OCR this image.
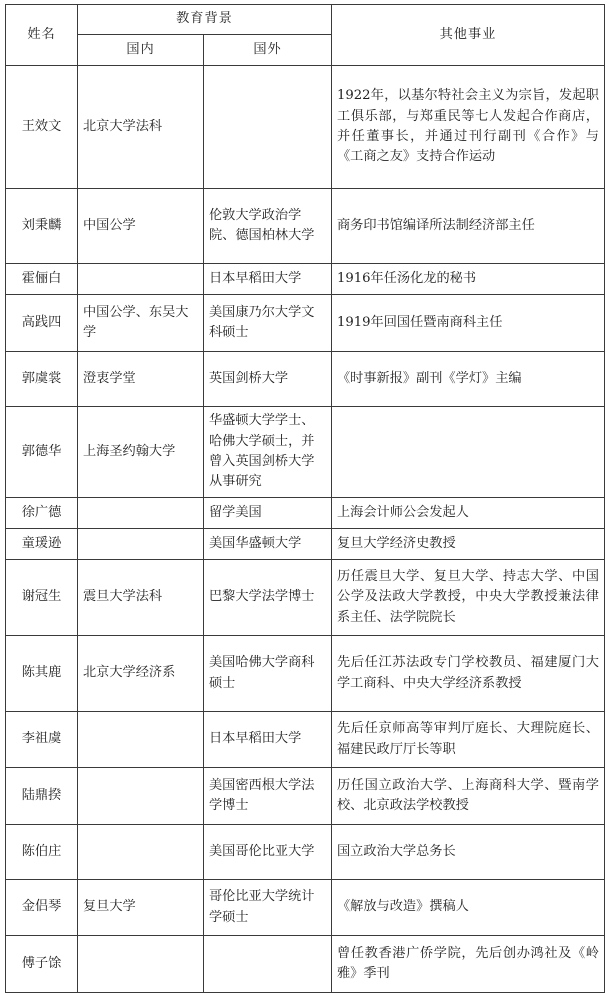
姓名	教育背景		其他事业
	国内	国外	
王效文	北京大学法科		1922年，以基尔特社会主义为宗旨，发起职工俱乐部，与郑重民等七人发起合作商店，并任董事长，并通过刊行副刊《合作》与《工商之友》支持合作运动
刘秉麟	中国公学	伦敦大学政治学院、德国柏林大学	商务印书馆编译所法制经济部主任
霍俪白		日本早稻田大学	1916年任汤化龙的秘书
高践四	中国公学、东吴大学	美国康乃尔大学文科硕士	1919年回国任暨南商科主任
郭虞裳	澄衷学堂	英国剑桥大学	《时事新报》副刊《学灯》主编
郭德华	上海圣约翰大学	华盛顿大学学士、哈佛大学硕士，并曾入英国剑桥大学从事研究	
徐广德		留学美国	上海会计师公会发起人
童瑗逊		美国华盛顿大学	复旦大学经济史教授
谢冠生	震旦大学法科	巴黎大学法学博士	历任震旦大学、复旦大学、持志大学、中国公学及法政大学教授，中央大学教授兼法律系主任、法学院院长
陈其鹿	北京大学经济系	美国哈佛大学商科硕士	先后任江苏法政专门学校教员、福建厦门大学工商科、中央大学经济系教授
李祖虞		日本早稻田大学	先后任京师高等审判厅庭长、大理院庭长、福建民政厅厅长等职
陆鼎揆		美国密西根大学法学博士	历任国立政治大学、上海商科大学、暨南学校、北京政法学校教授
陈伯庄		美国哥伦比亚大学	国立政治大学总务长
金侣琴	复旦大学	哥伦比亚大学统计学硕士	《解放与改造》撰稿人
傅子馀			曾任教香港广侨学院，先后创办鸿社及《岭雅》季刊
